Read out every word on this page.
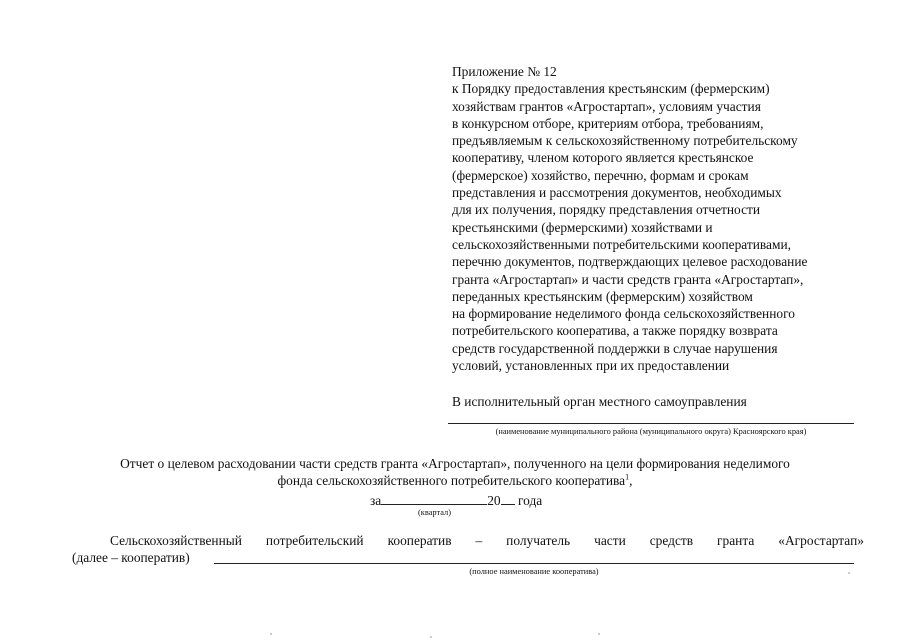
Приложение № 12
к Порядку предоставления крестьянским (фермерским)
хозяйствам грантов «Агростартап», условиям участия
в конкурсном отборе, критериям отбора, требованиям,
предъявляемым к сельскохозяйственному потребительскому
кооперативу, членом которого является крестьянское
(фермерское) хозяйство, перечню, формам и срокам
представления и рассмотрения документов, необходимых
для их получения, порядку представления отчетности
крестьянскими (фермерскими) хозяйствами и
сельскохозяйственными потребительскими кооперативами,
перечню документов, подтверждающих целевое расходование
гранта «Агростартап» и части средств гранта «Агростартап»,
переданных крестьянским (фермерским) хозяйством
на формирование неделимого фонда сельскохозяйственного
потребительского кооператива, а также порядку возврата
средств государственной поддержки в случае нарушения
условий, установленных при их предоставлении
В исполнительный орган местного самоуправления
(наименование муниципального района (муниципального округа) Красноярского края)
Отчет о целевом расходовании части средств гранта «Агростартап», полученного на цели формирования неделимого
фонда сельскохозяйственного потребительского кооператива$^1$,
за	20 года
(квартал)
Сельскохозяйственный потребительский кооператив – получатель части средств гранта «Агростартап»
(далее – кооператив)
(полное наименование кооператива)
